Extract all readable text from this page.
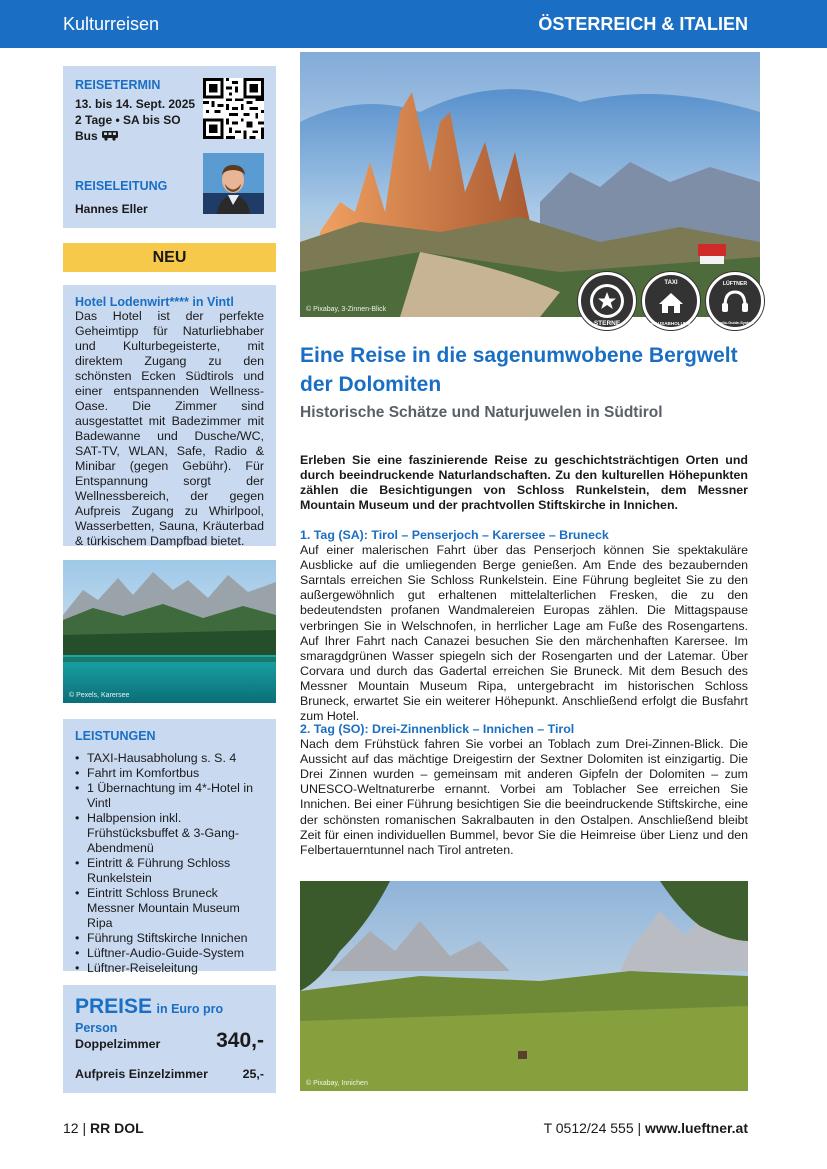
Kulturreisen	ÖSTERREICH & ITALIEN
REISETERMIN
13. bis 14. Sept. 2025
2 Tage • SA bis SO
Bus
REISELEITUNG
Hannes Eller
NEU
Hotel Lodenwirt**** in Vintl
Das Hotel ist der perfekte Geheimtipp für Naturliebhaber und Kulturbegeisterte, mit direktem Zugang zu den schönsten Ecken Südtirols und einer entspannenden Wellness-Oase. Die Zimmer sind ausgestattet mit Badezimmer mit Badewanne und Dusche/WC, SAT-TV, WLAN, Safe, Radio & Minibar (gegen Gebühr). Für Entspannung sorgt der Wellnessbereich, der gegen Aufpreis Zugang zu Whirlpool, Wasserbetten, Sauna, Kräuterbad & türkischem Dampfbad bietet.
© Pexels, Karersee
LEISTUNGEN
• TAXI-Hausabholung s. S. 4
• Fahrt im Komfortbus
• 1 Übernachtung im 4*-Hotel in Vintl
• Halbpension inkl. Frühstücksbuffet & 3-Gang-Abendmenü
• Eintritt & Führung Schloss Runkelstein
• Eintritt Schloss Bruneck Messner Mountain Museum Ripa
• Führung Stiftskirche Innichen
• Lüftner-Audio-Guide-System
• Lüftner-Reiseleitung
PREISE in Euro pro Person
Doppelzimmer	340,-
Aufpreis Einzelzimmer	25,-
© Pixabay, 3-Zinnen-Blick
STERNE
TAXI
HAUSABHOLUNG
LÜFTNER
Audio-Guide-System
Eine Reise in die sagenumwobene Bergwelt der Dolomiten
Historische Schätze und Naturjuwelen in Südtirol
Erleben Sie eine faszinierende Reise zu geschichtsträchtigen Orten und durch beeindruckende Naturlandschaften. Zu den kulturellen Höhepunkten zählen die Besichtigungen von Schloss Runkelstein, dem Messner Mountain Museum und der prachtvollen Stiftskirche in Innichen.
1. Tag (SA): Tirol – Penserjoch – Karersee – Bruneck
Auf einer malerischen Fahrt über das Penserjoch können Sie spektakuläre Ausblicke auf die umliegenden Berge genießen. Am Ende des bezaubernden Sarntals erreichen Sie Schloss Runkelstein. Eine Führung begleitet Sie zu den außergewöhnlich gut erhaltenen mittelalterlichen Fresken, die zu den bedeutendsten profanen Wandmalereien Europas zählen. Die Mittagspause verbringen Sie in Welschnofen, in herrlicher Lage am Fuße des Rosengartens. Auf Ihrer Fahrt nach Canazei besuchen Sie den märchenhaften Karersee. Im smaragdgrünen Wasser spiegeln sich der Rosengarten und der Latemar. Über Corvara und durch das Gadertal erreichen Sie Bruneck. Mit dem Besuch des Messner Mountain Museum Ripa, untergebracht im historischen Schloss Bruneck, erwartet Sie ein weiterer Höhepunkt. Anschließend erfolgt die Busfahrt zum Hotel.
2. Tag (SO): Drei-Zinnenblick – Innichen – Tirol
Nach dem Frühstück fahren Sie vorbei an Toblach zum Drei-Zinnen-Blick. Die Aussicht auf das mächtige Dreigestirn der Sextner Dolomiten ist einzigartig. Die Drei Zinnen wurden – gemeinsam mit anderen Gipfeln der Dolomiten – zum UNESCO-Weltnaturerbe ernannt. Vorbei am Toblacher See erreichen Sie Innichen. Bei einer Führung besichtigen Sie die beeindruckende Stiftskirche, eine der schönsten romanischen Sakralbauten in den Ostalpen. Anschließend bleibt Zeit für einen individuellen Bummel, bevor Sie die Heimreise über Lienz und den Felbertauerntunnel nach Tirol antreten.
© Pixabay, Innichen
12 | RR DOL	T 0512/24 555 | www.lueftner.at
